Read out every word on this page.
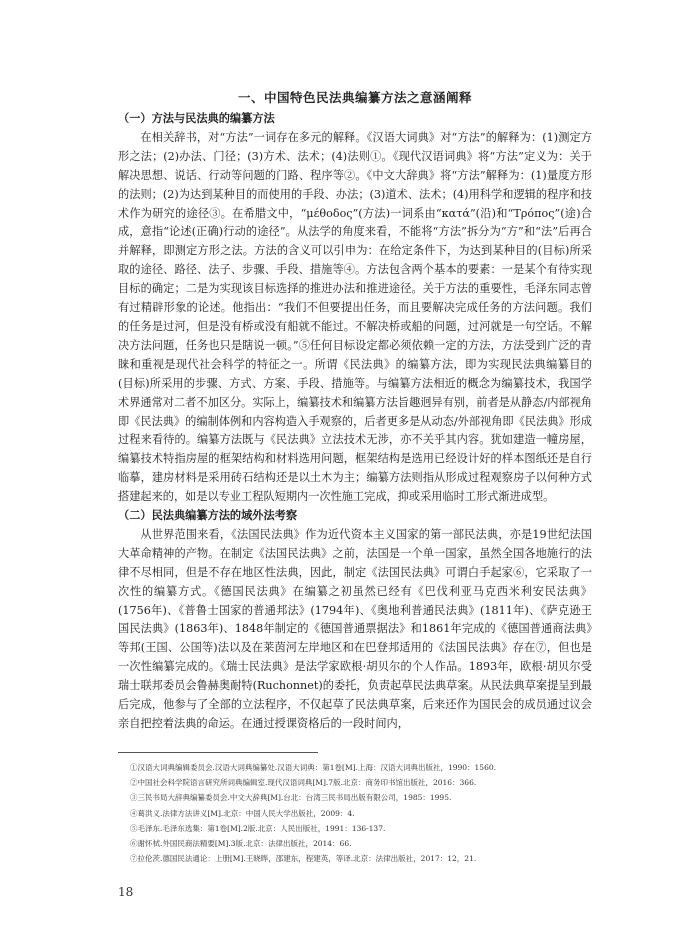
一、中国特色民法典编纂方法之意涵阐释

（一）方法与民法典的编纂方法

在相关辞书，对“方法”一词存在多元的解释。《汉语大词典》对“方法”的解释为：(1)测定方形之法；(2)办法、门径；(3)方术、法术；(4)法则①。《现代汉语词典》将“方法”定义为：关于解决思想、说话、行动等问题的门路、程序等②。《中文大辞典》将“方法”解释为：(1)量度方形的法则；(2)为达到某种目的而使用的手段、办法；(3)道术、法术；(4)用科学和逻辑的程序和技术作为研究的途径③。在希腊文中，“μέθοδος”(方法)一词系由“κατά”(沿)和“Τρόπος”(途)合成，意指“论述(正确)行动的途径”。从法学的角度来看，不能将“方法”拆分为“方”和“法”后再合并解释，即测定方形之法。方法的含义可以引申为：在给定条件下，为达到某种目的(目标)所采取的途径、路径、法子、步骤、手段、措施等④。方法包含两个基本的要素：一是某个有待实现目标的确定；二是为实现该目标选择的推进办法和推进途径。关于方法的重要性，毛泽东同志曾有过精辟形象的论述。他指出：“我们不但要提出任务，而且要解决完成任务的方法问题。我们的任务是过河，但是没有桥或没有船就不能过。不解决桥或船的问题，过河就是一句空话。不解决方法问题，任务也只是瞎说一顿。”⑤任何目标设定都必须依赖一定的方法，方法受到广泛的青睐和重视是现代社会科学的特征之一。所谓《民法典》的编纂方法，即为实现民法典编纂目的(目标)所采用的步骤、方式、方案、手段、措施等。与编纂方法相近的概念为编纂技术，我国学术界通常对二者不加区分。实际上，编纂技术和编纂方法旨趣迥异有别，前者是从静态/内部视角即《民法典》的编制体例和内容构造入手观察的，后者更多是从动态/外部视角即《民法典》形成过程来看待的。编纂方法既与《民法典》立法技术无涉，亦不关乎其内容。犹如建造一幢房屋，编纂技术特指房屋的框架结构和材料选用问题，框架结构是选用已经设计好的样本图纸还是自行临摹，建房材料是采用砖石结构还是以土木为主；编纂方法则指从形成过程观察房子以何种方式搭建起来的，如是以专业工程队短期内一次性施工完成，抑或采用临时工形式渐进成型。

（二）民法典编纂方法的域外法考察

从世界范围来看，《法国民法典》作为近代资本主义国家的第一部民法典，亦是19世纪法国大革命精神的产物。在制定《法国民法典》之前，法国是一个单一国家，虽然全国各地施行的法律不尽相同，但是不存在地区性法典，因此，制定《法国民法典》可谓白手起家⑥，它采取了一次性的编纂方式。《德国民法典》在编纂之初虽然已经有《巴伐利亚马克西米利安民法典》(1756年)、《普鲁士国家的普通邦法》(1794年)、《奥地利普通民法典》(1811年)、《萨克逊王国民法典》(1863年)、1848年制定的《德国普通票据法》和1861年完成的《德国普通商法典》等邦(王国、公国等)法以及在莱茵河左岸地区和在巴登邦适用的《法国民法典》存在⑦，但也是一次性编纂完成的。《瑞士民法典》是法学家欧根·胡贝尔的个人作品。1893年，欧根·胡贝尔受瑞士联邦委员会鲁赫奥耐特(Ruchonnet)的委托，负责起草民法典草案。从民法典草案提呈到最后完成，他参与了全部的立法程序，不仅起草了民法典草案，后来还作为国民会的成员通过议会亲自把控着法典的命运。在通过授课资格后的一段时间内，

①汉语大词典编辑委员会.汉语大词典编纂处.汉语大词典：第1卷[M].上海：汉语大词典出版社，1990：1560.
②中国社会科学院语言研究所词典编辑室.现代汉语词典[M].7版.北京：商务印书馆出版社，2016：366.
③三民书局大辞典编纂委员会.中文大辞典[M].台北：台湾三民书局出版有限公司，1985：1995.
④葛洪义.法律方法讲义[M].北京：中国人民大学出版社，2009：4.
⑤毛泽东.毛泽东选集：第1卷[M].2版.北京：人民出版社，1991：136-137.
⑥谢怀栻.外国民商法精要[M].3版.北京：法律出版社，2014：66.
⑦拉伦茨.德国民法通论：上册[M].王晓晔，邵建东，程建英，等译.北京：法律出版社，2017：12，21.
18
